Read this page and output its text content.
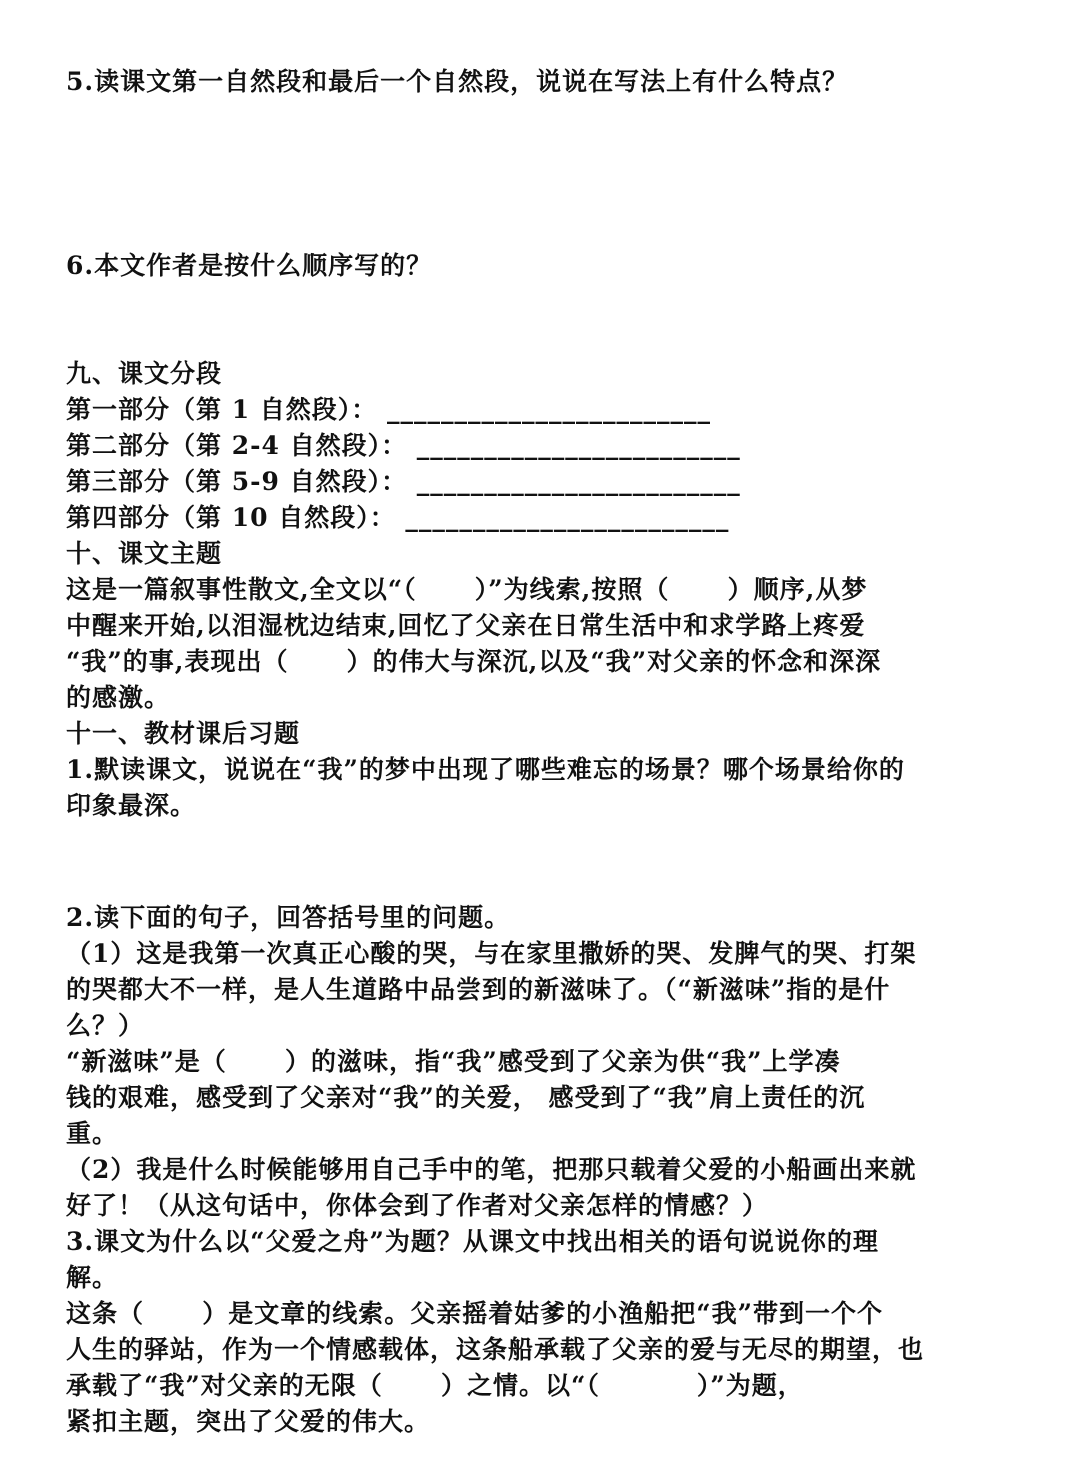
5.读课文第一自然段和最后一个自然段，说说在写法上有什么特点？
6.本文作者是按什么顺序写的？
九、课文分段
第一部分（第 1 自然段）： ________________________
第二部分（第 2-4 自然段）： ________________________
第三部分（第 5-9 自然段）： ________________________
第四部分（第 10 自然段）： ________________________
十、课文主题
这是一篇叙事性散文,全文以“（      ）”为线索,按照（      ）顺序,从梦
中醒来开始,以泪湿枕边结束,回忆了父亲在日常生活中和求学路上疼爱
“我”的事,表现出（      ）的伟大与深沉,以及“我”对父亲的怀念和深深
的感激。
十一、教材课后习题
1.默读课文，说说在“我”的梦中出现了哪些难忘的场景？哪个场景给你的
印象最深。
2.读下面的句子，回答括号里的问题。
（1）这是我第一次真正心酸的哭，与在家里撒娇的哭、发脾气的哭、打架
的哭都大不一样，是人生道路中品尝到的新滋味了。（“新滋味”指的是什
么？）
“新滋味”是（      ）的滋味，指“我”感受到了父亲为供“我”上学凑
钱的艰难，感受到了父亲对“我”的关爱， 感受到了“我”肩上责任的沉
重。
（2）我是什么时候能够用自己手中的笔，把那只载着父爱的小船画出来就
好了！（从这句话中，你体会到了作者对父亲怎样的情感？）
3.课文为什么以“父爱之舟”为题？从课文中找出相关的语句说说你的理
解。
这条（      ）是文章的线索。父亲摇着姑爹的小渔船把“我”带到一个个
人生的驿站，作为一个情感载体，这条船承载了父亲的爱与无尽的期望，也
承载了“我”对父亲的无限（      ）之情。以“（          ）”为题，
紧扣主题，突出了父爱的伟大。
